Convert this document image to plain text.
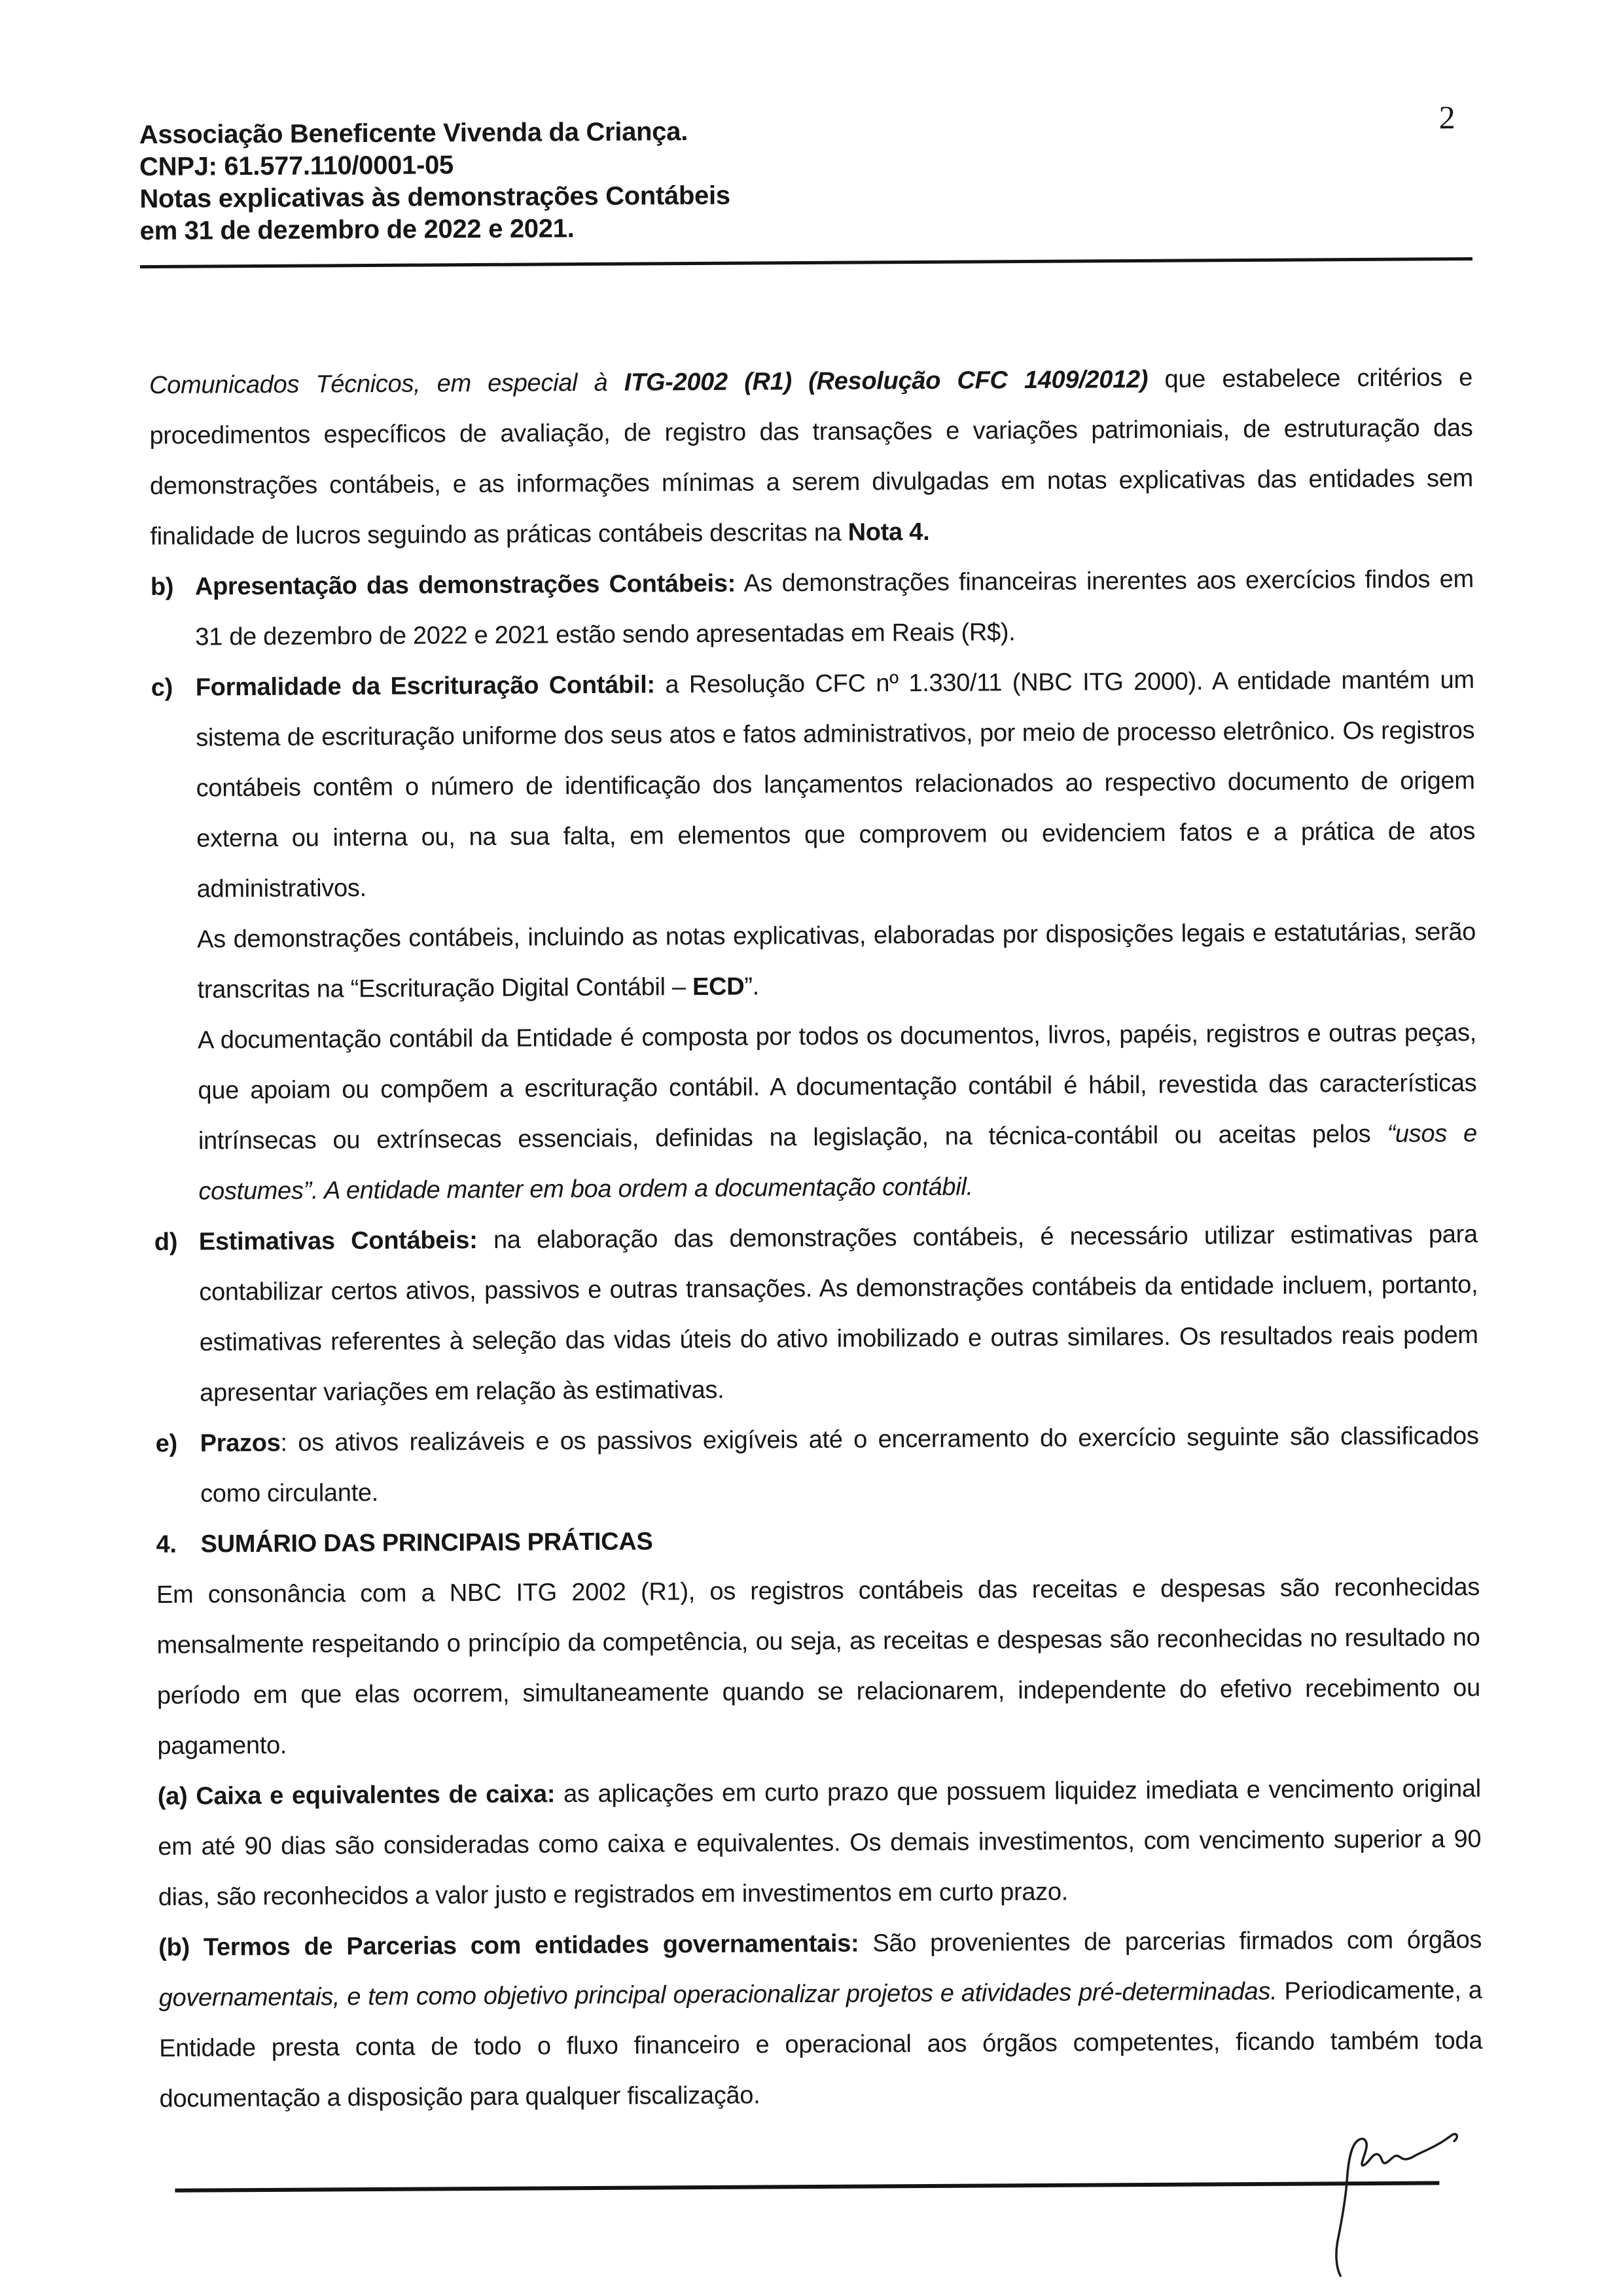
2
Associação Beneficente Vivenda da Criança.
CNPJ: 61.577.110/0001-05
Notas explicativas às demonstrações Contábeis
em 31 de dezembro de 2022 e 2021.

Comunicados Técnicos, em especial à ITG-2002 (R1) (Resolução CFC 1409/2012) que estabelece critérios e procedimentos específicos de avaliação, de registro das transações e variações patrimoniais, de estruturação das demonstrações contábeis, e as informações mínimas a serem divulgadas em notas explicativas das entidades sem finalidade de lucros seguindo as práticas contábeis descritas na Nota 4.

b) Apresentação das demonstrações Contábeis: As demonstrações financeiras inerentes aos exercícios findos em 31 de dezembro de 2022 e 2021 estão sendo apresentadas em Reais (R$).

c) Formalidade da Escrituração Contábil: a Resolução CFC nº 1.330/11 (NBC ITG 2000). A entidade mantém um sistema de escrituração uniforme dos seus atos e fatos administrativos, por meio de processo eletrônico. Os registros contábeis contêm o número de identificação dos lançamentos relacionados ao respectivo documento de origem externa ou interna ou, na sua falta, em elementos que comprovem ou evidenciem fatos e a prática de atos administrativos.

As demonstrações contábeis, incluindo as notas explicativas, elaboradas por disposições legais e estatutárias, serão transcritas na “Escrituração Digital Contábil – ECD”.

A documentação contábil da Entidade é composta por todos os documentos, livros, papéis, registros e outras peças, que apoiam ou compõem a escrituração contábil. A documentação contábil é hábil, revestida das características intrínsecas ou extrínsecas essenciais, definidas na legislação, na técnica-contábil ou aceitas pelos “usos e costumes”. A entidade manter em boa ordem a documentação contábil.

d) Estimativas Contábeis: na elaboração das demonstrações contábeis, é necessário utilizar estimativas para contabilizar certos ativos, passivos e outras transações. As demonstrações contábeis da entidade incluem, portanto, estimativas referentes à seleção das vidas úteis do ativo imobilizado e outras similares. Os resultados reais podem apresentar variações em relação às estimativas.

e) Prazos: os ativos realizáveis e os passivos exigíveis até o encerramento do exercício seguinte são classificados como circulante.

4. SUMÁRIO DAS PRINCIPAIS PRÁTICAS

Em consonância com a NBC ITG 2002 (R1), os registros contábeis das receitas e despesas são reconhecidas mensalmente respeitando o princípio da competência, ou seja, as receitas e despesas são reconhecidas no resultado no período em que elas ocorrem, simultaneamente quando se relacionarem, independente do efetivo recebimento ou pagamento.

(a) Caixa e equivalentes de caixa: as aplicações em curto prazo que possuem liquidez imediata e vencimento original em até 90 dias são consideradas como caixa e equivalentes. Os demais investimentos, com vencimento superior a 90 dias, são reconhecidos a valor justo e registrados em investimentos em curto prazo.

(b) Termos de Parcerias com entidades governamentais: São provenientes de parcerias firmados com órgãos governamentais, e tem como objetivo principal operacionalizar projetos e atividades pré-determinadas. Periodicamente, a Entidade presta conta de todo o fluxo financeiro e operacional aos órgãos competentes, ficando também toda documentação a disposição para qualquer fiscalização.
